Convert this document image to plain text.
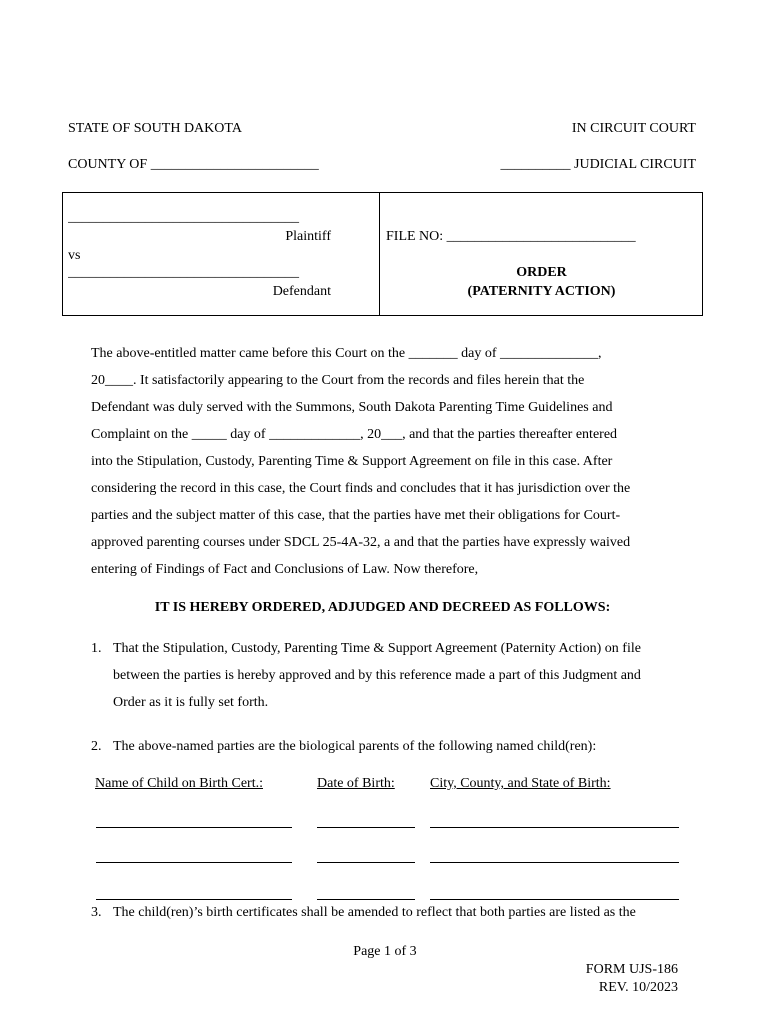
STATE OF SOUTH DAKOTA	IN CIRCUIT COURT
COUNTY OF ________________________	__________ JUDICIAL CIRCUIT
_________________________________
Plaintiff
vs
_________________________________
Defendant
FILE NO: ___________________________
ORDER
(PATERNITY ACTION)

The above-entitled matter came before this Court on the _______ day of ______________,

20____. It satisfactorily appearing to the Court from the records and files herein that the

Defendant was duly served with the Summons, South Dakota Parenting Time Guidelines and

Complaint on the _____ day of _____________, 20___, and that the parties thereafter entered

into the Stipulation, Custody, Parenting Time & Support Agreement on file in this case. After

considering the record in this case, the Court finds and concludes that it has jurisdiction over the

parties and the subject matter of this case, that the parties have met their obligations for Court-

approved parenting courses under SDCL 25-4A-32, a and that the parties have expressly waived

entering of Findings of Fact and Conclusions of Law. Now therefore,

IT IS HEREBY ORDERED, ADJUDGED AND DECREED AS FOLLOWS:
1. That the Stipulation, Custody, Parenting Time & Support Agreement (Paternity Action) on file

between the parties is hereby approved and by this reference made a part of this Judgment and

Order as it is fully set forth.

2. The above-named parties are the biological parents of the following named child(ren):

Name of Child on Birth Cert.:	Date of Birth:	City, County, and State of Birth:
3. The child(ren)’s birth certificates shall be amended to reflect that both parties are listed as the

Page 1 of 3
FORM UJS-186
REV. 10/2023
